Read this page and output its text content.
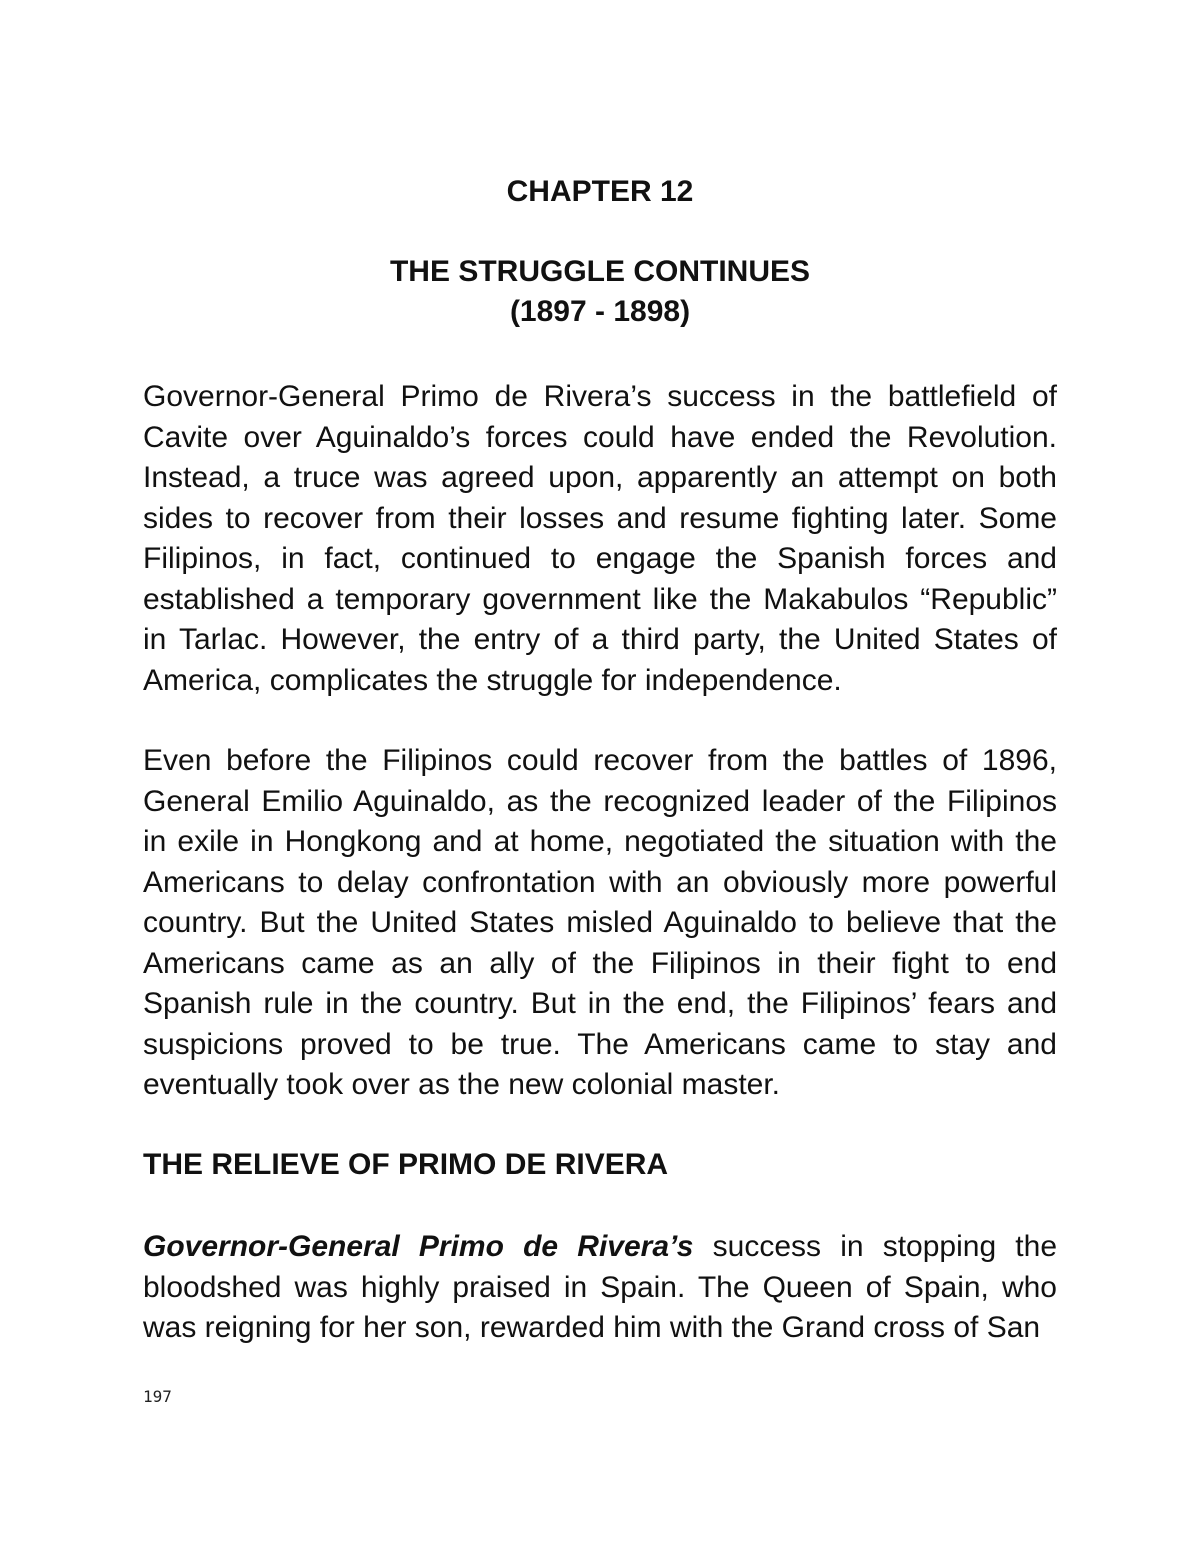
CHAPTER 12
THE STRUGGLE CONTINUES
(1897 - 1898)

Governor-General Primo de Rivera’s success in the battlefield of Cavite over Aguinaldo’s forces could have ended the Revolution. Instead, a truce was agreed upon, apparently an attempt on both sides to recover from their losses and resume fighting later. Some Filipinos, in fact, continued to engage the Spanish forces and established a temporary government like the Makabulos “Republic” in Tarlac. However, the entry of a third party, the United States of America, complicates the struggle for independence.

Even before the Filipinos could recover from the battles of 1896, General Emilio Aguinaldo, as the recognized leader of the Filipinos in exile in Hongkong and at home, negotiated the situation with the Americans to delay confrontation with an obviously more powerful country. But the United States misled Aguinaldo to believe that the Americans came as an ally of the Filipinos in their fight to end Spanish rule in the country. But in the end, the Filipinos’ fears and suspicions proved to be true. The Americans came to stay and eventually took over as the new colonial master.

THE RELIEVE OF PRIMO DE RIVERA

Governor-General Primo de Rivera’s success in stopping the bloodshed was highly praised in Spain. The Queen of Spain, who was reigning for her son, rewarded him with the Grand cross of San

197
